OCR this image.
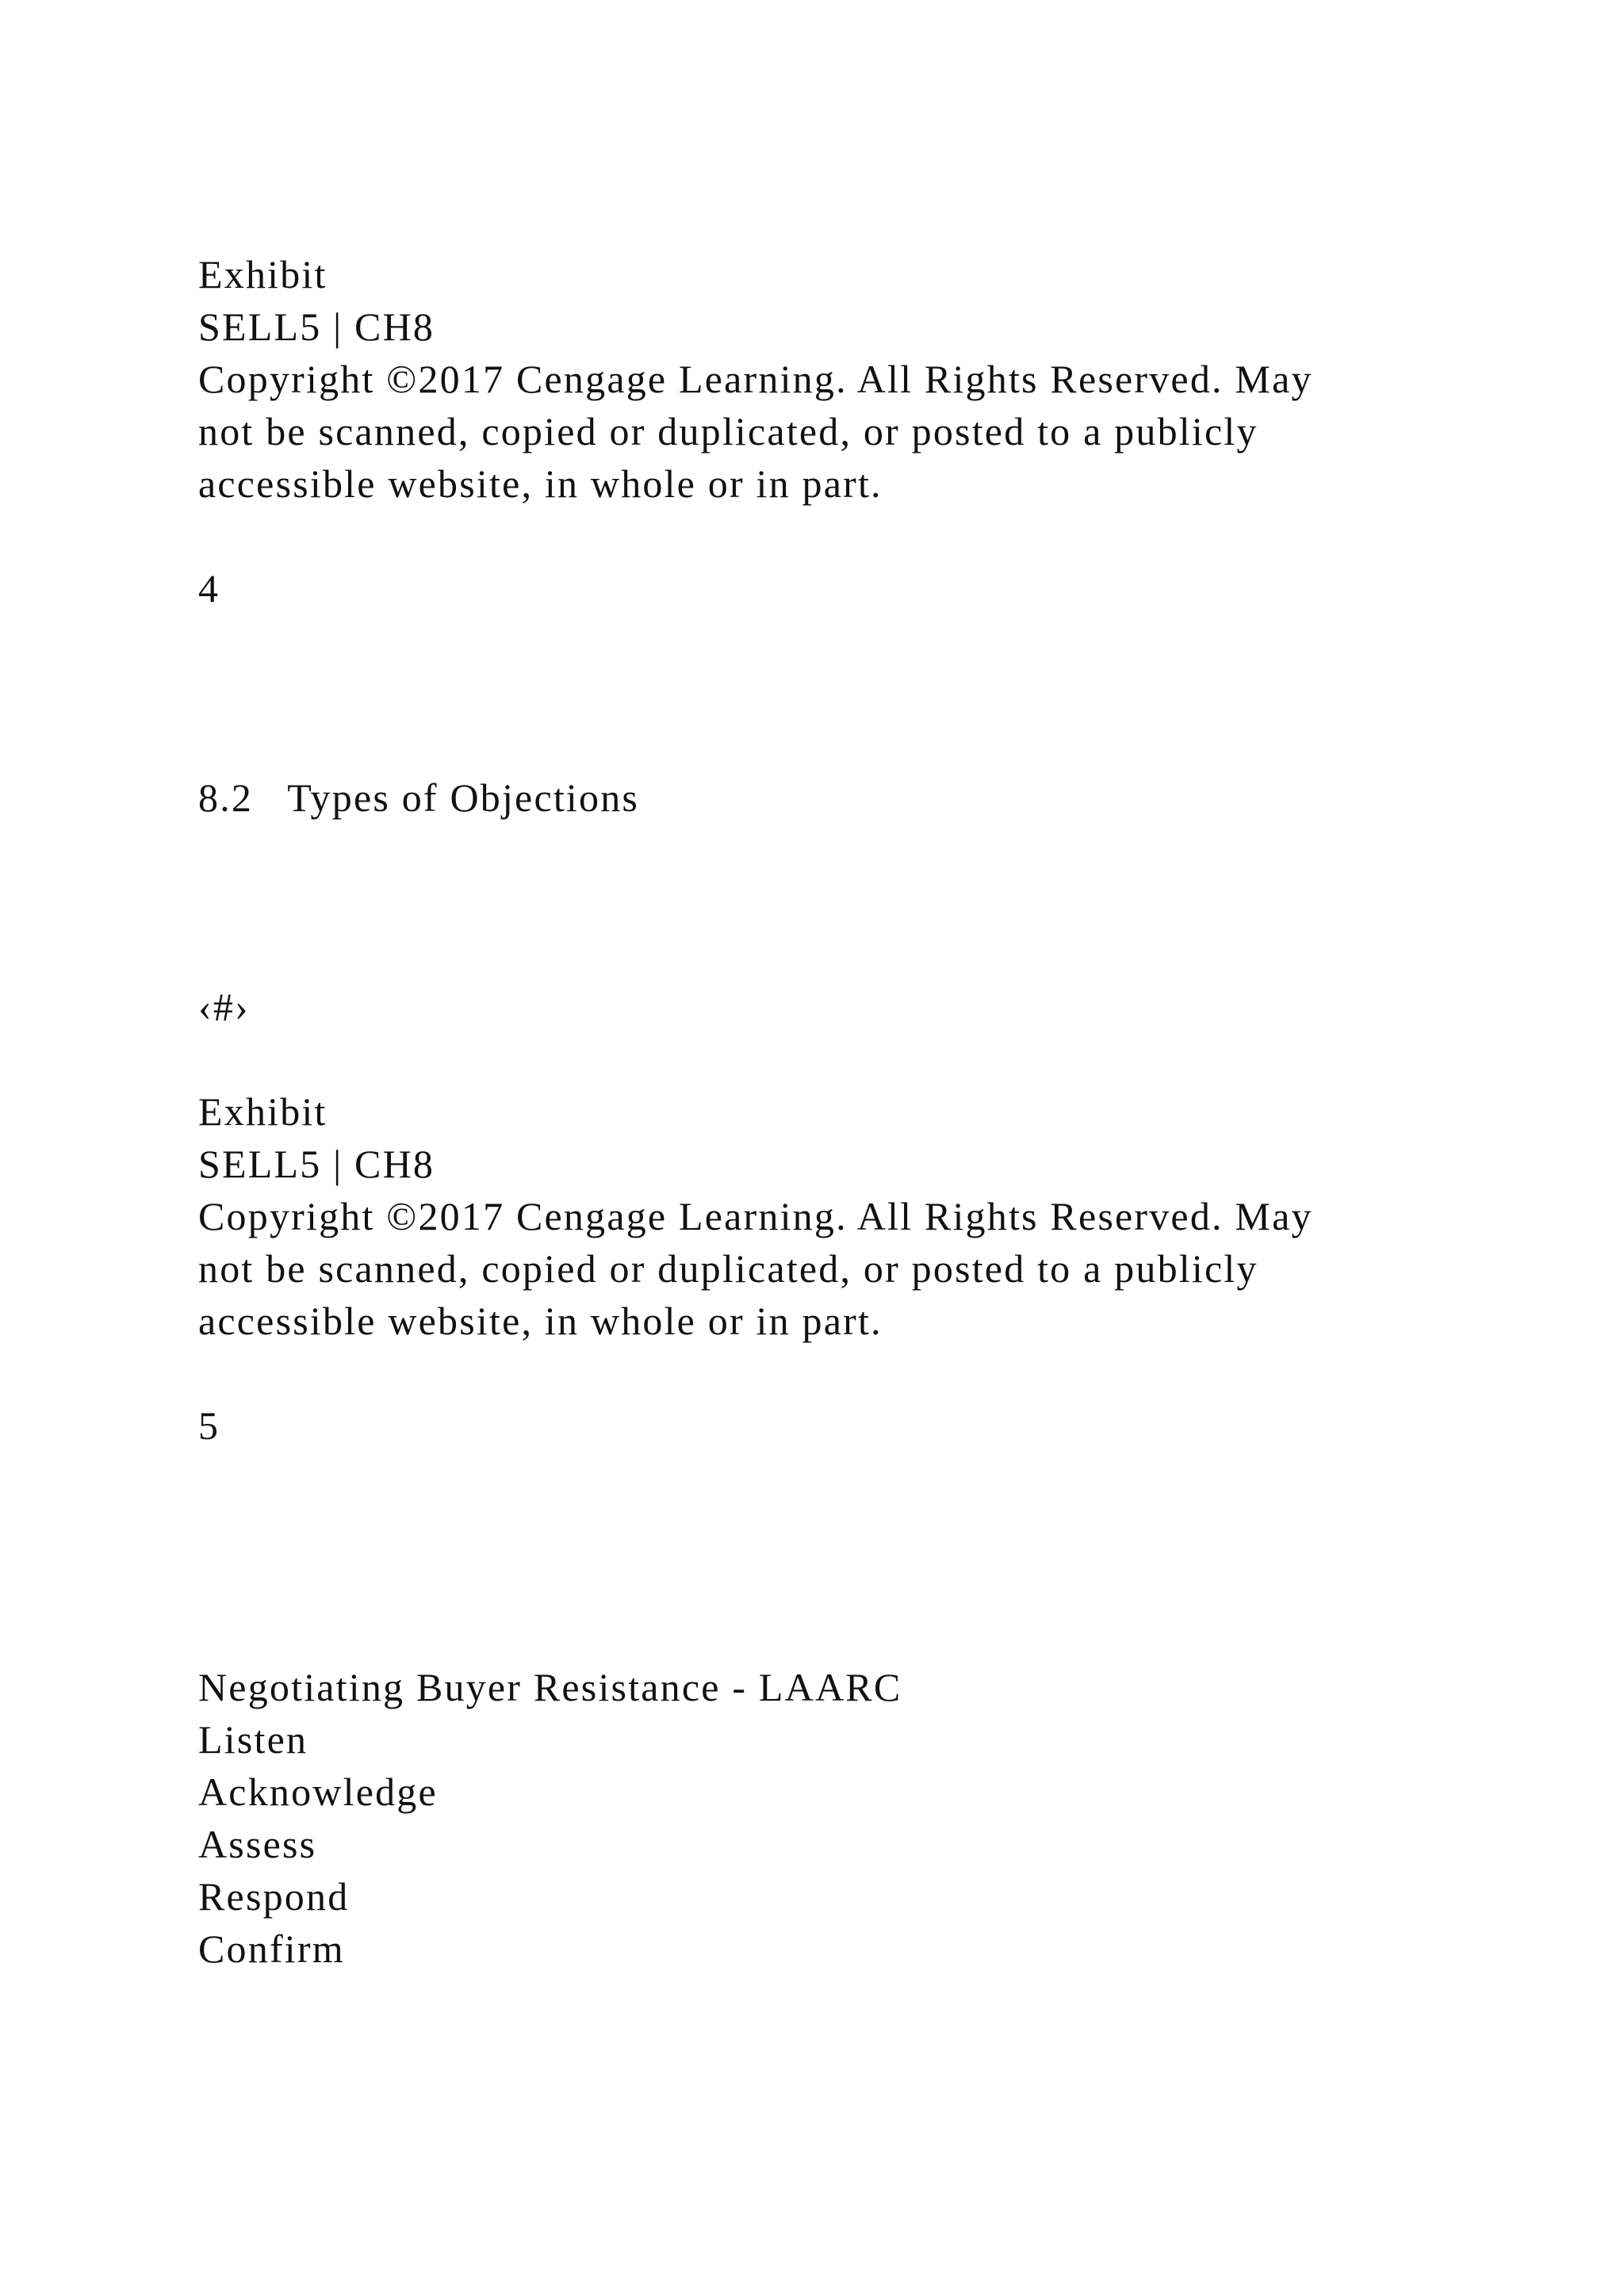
Exhibit

SELL5 | CH8

Copyright ©2017 Cengage Learning. All Rights Reserved. May

not be scanned, copied or duplicated, or posted to a publicly

accessible website, in whole or in part.

4

8.2   Types of Objections

‹#›

Exhibit

SELL5 | CH8

Copyright ©2017 Cengage Learning. All Rights Reserved. May

not be scanned, copied or duplicated, or posted to a publicly

accessible website, in whole or in part.

5

Negotiating Buyer Resistance - LAARC

Listen

Acknowledge

Assess

Respond

Confirm
